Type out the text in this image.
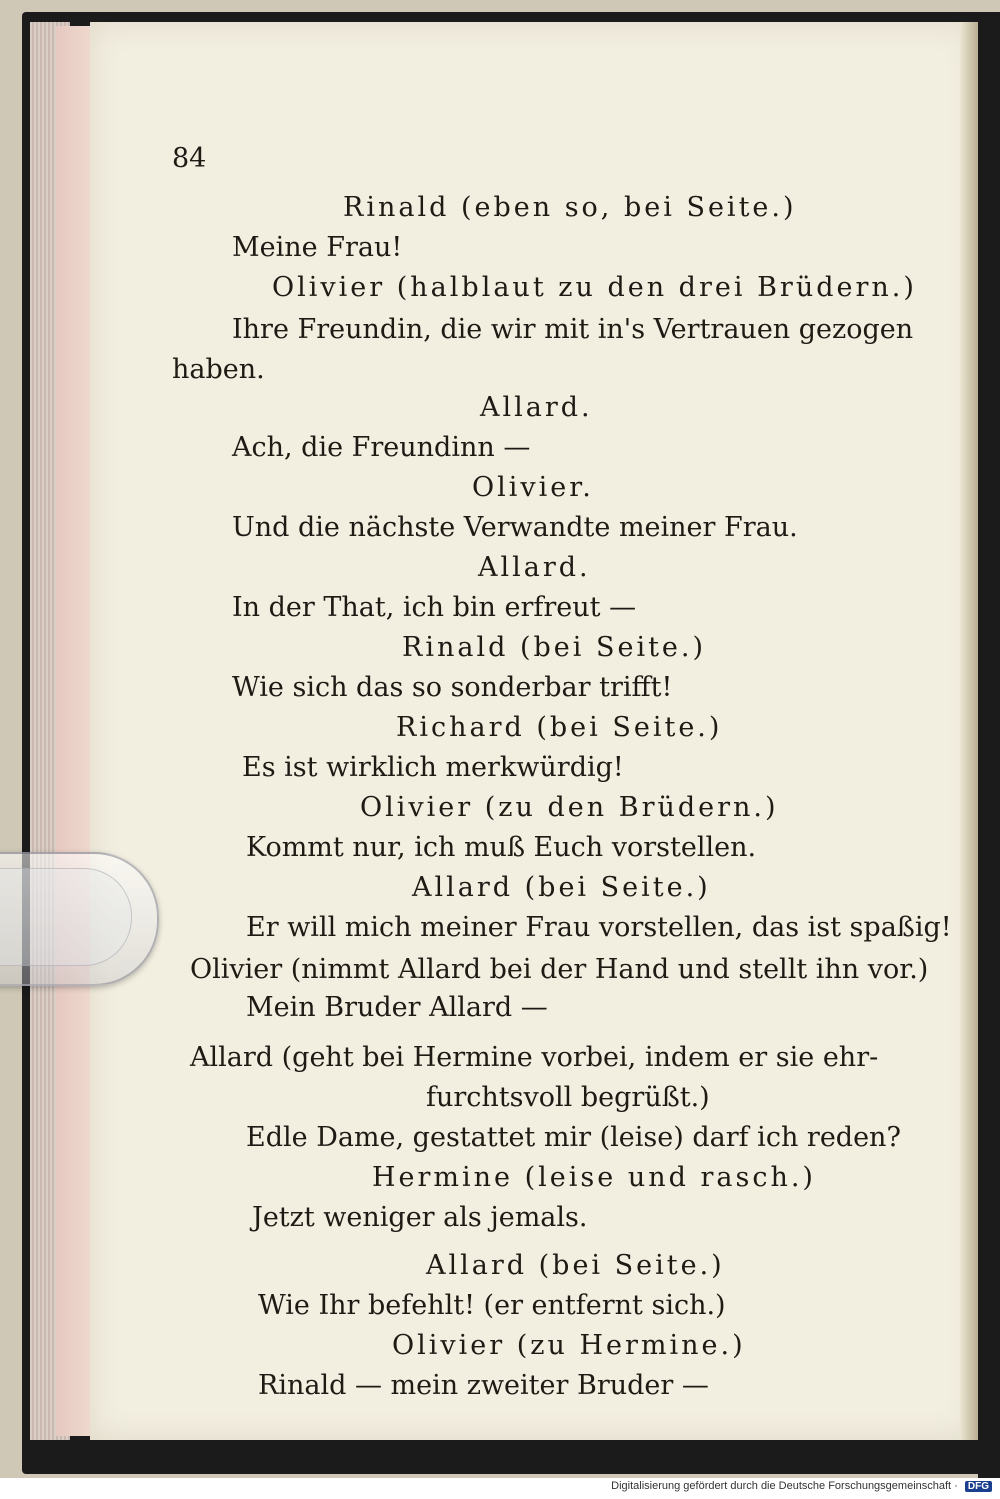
84
Rinald (eben so, bei Seite.)
Meine Frau!
Olivier (halblaut zu den drei Brüdern.)
Ihre Freundin, die wir mit in's Vertrauen gezogen
haben.
Allard.
Ach, die Freundinn —
Olivier.
Und die nächste Verwandte meiner Frau.
Allard.
In der That, ich bin erfreut —
Rinald (bei Seite.)
Wie sich das so sonderbar trifft!
Richard (bei Seite.)
Es ist wirklich merkwürdig!
Olivier (zu den Brüdern.)
Kommt nur, ich muß Euch vorstellen.
Allard (bei Seite.)
Er will mich meiner Frau vorstellen, das ist spaßig!
Olivier (nimmt Allard bei der Hand und stellt ihn vor.)
Mein Bruder Allard —
Allard (geht bei Hermine vorbei, indem er sie ehr-
furchtsvoll begrüßt.)
Edle Dame, gestattet mir (leise) darf ich reden?
Hermine (leise und rasch.)
Jetzt weniger als jemals.
Allard (bei Seite.)
Wie Ihr befehlt! (er entfernt sich.)
Olivier (zu Hermine.)
Rinald — mein zweiter Bruder —
Digitalisierung gefördert durch die Deutsche Forschungsgemeinschaft · DFG
